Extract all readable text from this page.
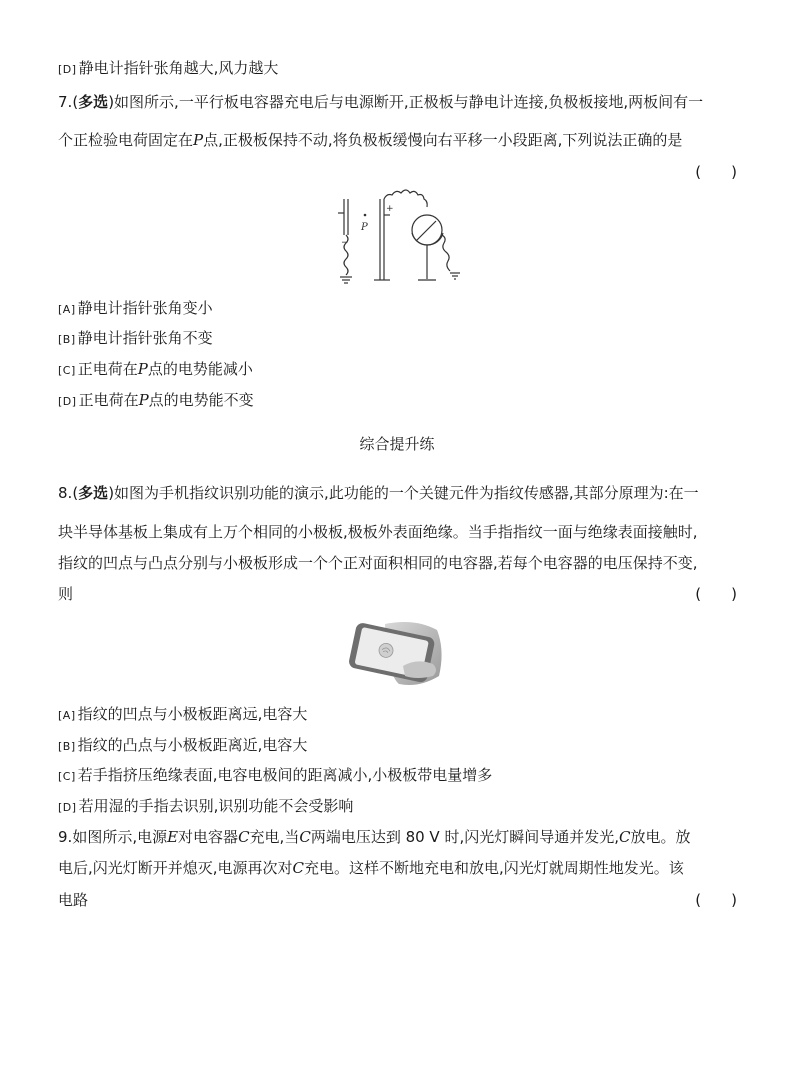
[D] 静电计指针张角越大,风力越大
7.(多选)如图所示,一平行板电容器充电后与电源断开,正极板与静电计连接,负极板接地,两板间有一
个正检验电荷固定在P点,正极板保持不动,将负极板缓慢向右平移一小段距离,下列说法正确的是
(　　)
P
−
+
[A] 静电计指针张角变小
[B] 静电计指针张角不变
[C] 正电荷在P点的电势能减小
[D] 正电荷在P点的电势能不变
综合提升练
8.(多选)如图为手机指纹识别功能的演示,此功能的一个关键元件为指纹传感器,其部分原理为:在一
块半导体基板上集成有上万个相同的小极板,极板外表面绝缘。当手指指纹一面与绝缘表面接触时,
指纹的凹点与凸点分别与小极板形成一个个正对面积相同的电容器,若每个电容器的电压保持不变,
则	(　　)
[A] 指纹的凹点与小极板距离远,电容大
[B] 指纹的凸点与小极板距离近,电容大
[C] 若手指挤压绝缘表面,电容电极间的距离减小,小极板带电量增多
[D] 若用湿的手指去识别,识别功能不会受影响
9.如图所示,电源E对电容器C充电,当C两端电压达到 80 V 时,闪光灯瞬间导通并发光,C放电。放
电后,闪光灯断开并熄灭,电源再次对C充电。这样不断地充电和放电,闪光灯就周期性地发光。该
电路	(　　)
